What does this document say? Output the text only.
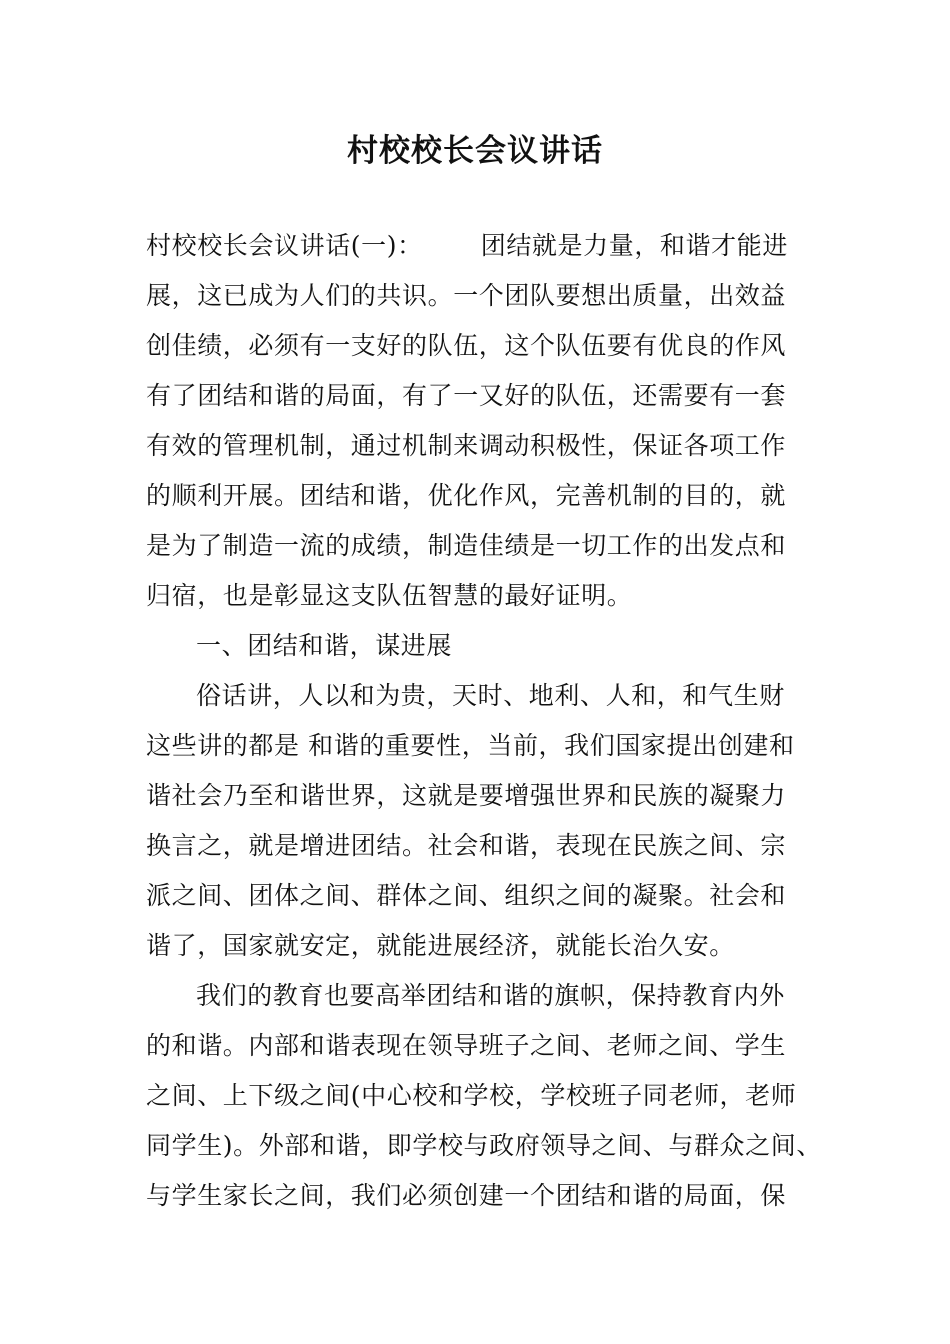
村校校长会议讲话
村校校长会议讲话(一)： 团结就是力量，和谐才能进
展，这已成为人们的共识。一个团队要想出质量，出效益
创佳绩，必须有一支好的队伍，这个队伍要有优良的作风
有了团结和谐的局面，有了一又好的队伍，还需要有一套
有效的管理机制，通过机制来调动积极性，保证各项工作
的顺利开展。团结和谐，优化作风，完善机制的目的，就
是为了制造一流的成绩，制造佳绩是一切工作的出发点和
归宿，也是彰显这支队伍智慧的最好证明。
一、团结和谐，谋进展
俗话讲，人以和为贵，天时、地利、人和，和气生财
这些讲的都是 和谐的重要性，当前，我们国家提出创建和
谐社会乃至和谐世界，这就是要增强世界和民族的凝聚力
换言之，就是增进团结。社会和谐，表现在民族之间、宗
派之间、团体之间、群体之间、组织之间的凝聚。社会和
谐了，国家就安定，就能进展经济，就能长治久安。
我们的教育也要高举团结和谐的旗帜，保持教育内外
的和谐。内部和谐表现在领导班子之间、老师之间、学生
之间、上下级之间(中心校和学校，学校班子同老师，老师
同学生)。外部和谐，即学校与政府领导之间、与群众之间、
与学生家长之间，我们必须创建一个团结和谐的局面，保
